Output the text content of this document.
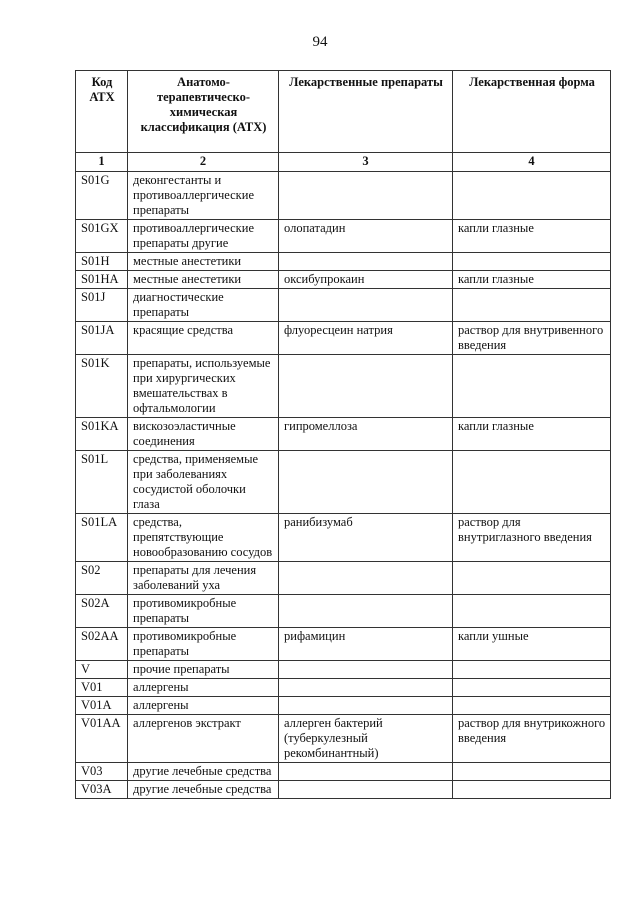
94
Код АТХ	Анатомо-терапевтическо-химическая классификация (АТХ)	Лекарственные препараты	Лекарственная форма
1	2	3	4
S01G	деконгестанты и противоаллергические препараты		
S01GX	противоаллергические препараты другие	олопатадин	капли глазные
S01H	местные анестетики		
S01HA	местные анестетики	оксибупрокаин	капли глазные
S01J	диагностические препараты		
S01JA	красящие средства	флуоресцеин натрия	раствор для внутривенного введения
S01K	препараты, используемые при хирургических вмешательствах в офтальмологии		
S01KA	вискозоэластичные соединения	гипромеллоза	капли глазные
S01L	средства, применяемые при заболеваниях сосудистой оболочки глаза		
S01LA	средства, препятствующие новообразованию сосудов	ранибизумаб	раствор для внутриглазного введения
S02	препараты для лечения заболеваний уха		
S02A	противомикробные препараты		
S02AA	противомикробные препараты	рифамицин	капли ушные
V	прочие препараты		
V01	аллергены		
V01A	аллергены		
V01AA	аллергенов экстракт	аллерген бактерий (туберкулезный рекомбинантный)	раствор для внутрикожного введения
V03	другие лечебные средства		
V03A	другие лечебные средства		
